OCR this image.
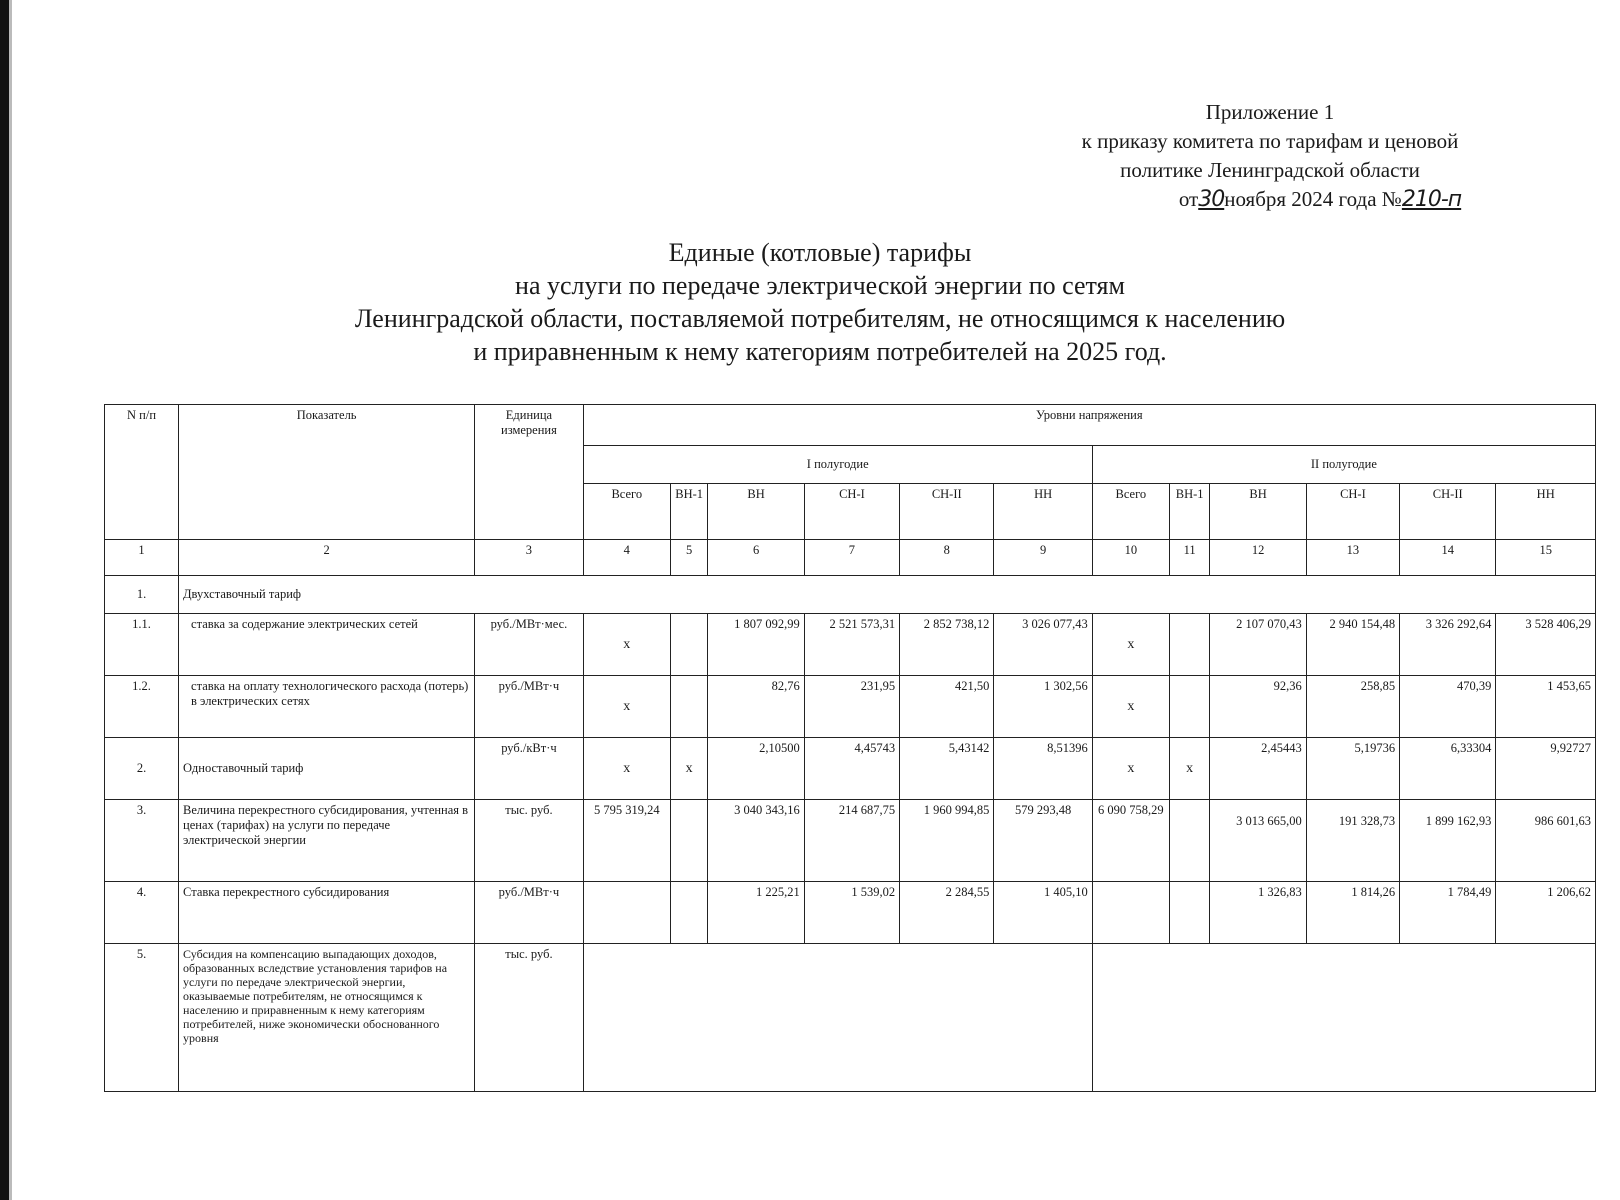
Приложение 1
к приказу комитета по тарифам и ценовой
политике Ленинградской области
от30ноября 2024 года №210-п
Единые (котловые) тарифы
на услуги по передаче электрической энергии по сетям
Ленинградской области, поставляемой потребителям, не относящимся к населению
и приравненным к нему категориям потребителей на 2025 год.
N п/п	Показатель	Единица измерения	Уровни напряжения											
			I полугодие						II полугодие					
			Всего	ВН-1	ВН	СН-I	СН-II	НН	Всего	ВН-1	ВН	СН-I	СН-II	НН
1	2	3	4	5	6	7	8	9	10	11	12	13	14	15
1.	Двухставочный тариф													
1.1.	ставка за содержание электрических сетей	руб./МВт·мес.	х		1 807 092,99	2 521 573,31	2 852 738,12	3 026 077,43	х		2 107 070,43	2 940 154,48	3 326 292,64	3 528 406,29
1.2.	ставка на оплату технологического расхода (потерь) в электрических сетях	руб./МВт·ч	х		82,76	231,95	421,50	1 302,56	х		92,36	258,85	470,39	1 453,65
2.	Одноставочный тариф	руб./кВт·ч	х	х	2,10500	4,45743	5,43142	8,51396	х	х	2,45443	5,19736	6,33304	9,92727
3.	Величина перекрестного субсидирования, учтенная в ценах (тарифах) на услуги по передаче электрической энергии	тыс. руб.	5 795 319,24		3 040 343,16	214 687,75	1 960 994,85	579 293,48	6 090 758,29		3 013 665,00	191 328,73	1 899 162,93	986 601,63
4.	Ставка перекрестного субсидирования	руб./МВт·ч			1 225,21	1 539,02	2 284,55	1 405,10			1 326,83	1 814,26	1 784,49	1 206,62
5.	Субсидия на компенсацию выпадающих доходов, образованных вследствие установления тарифов на услуги по передаче электрической энергии, оказываемые потребителям, не относящимся к населению и приравненным к нему категориям потребителей, ниже экономически обоснованного уровня	тыс. руб.												
